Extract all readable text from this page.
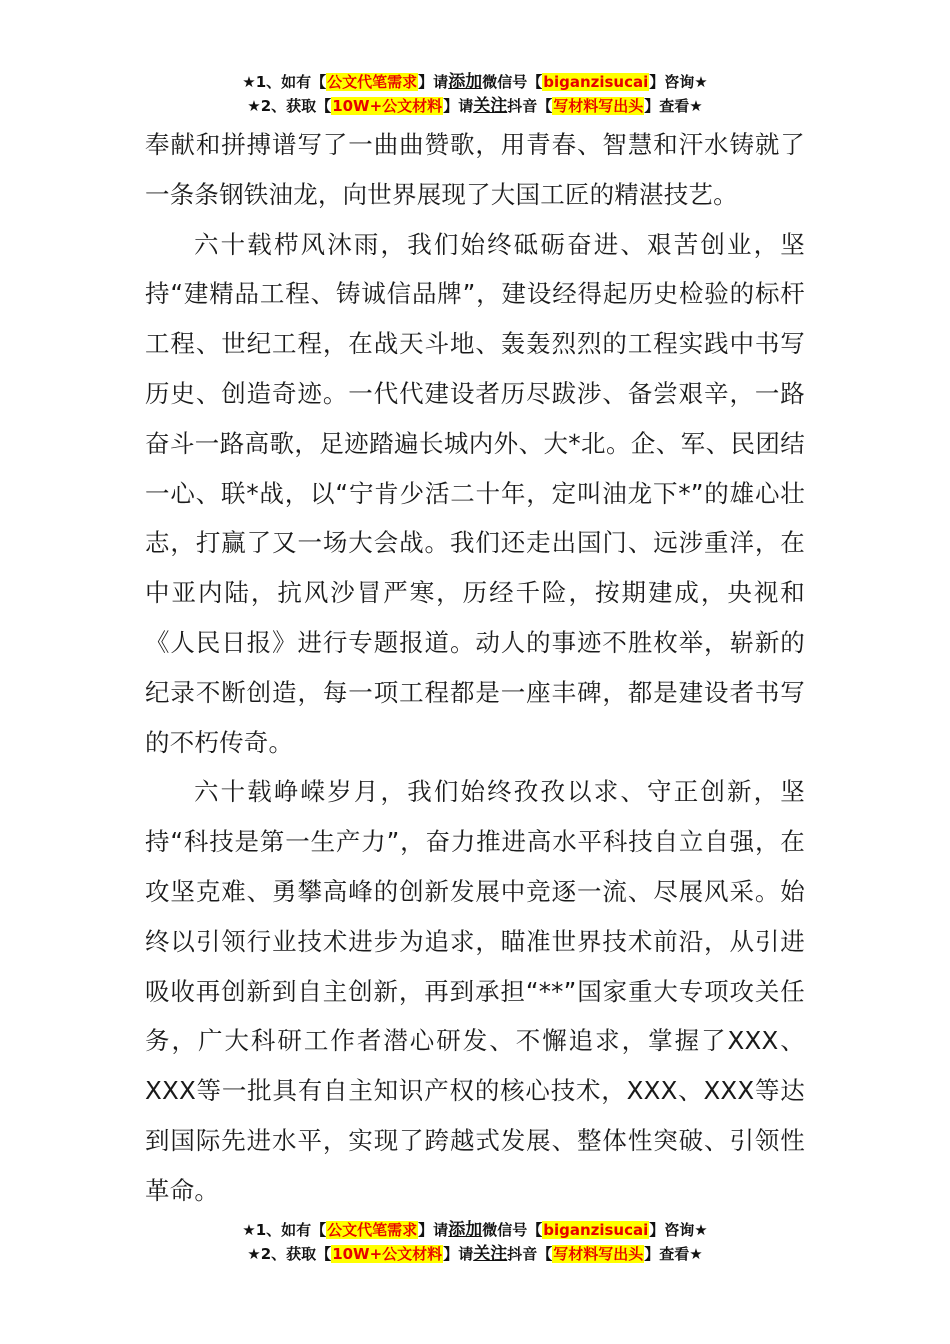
★1、如有【公文代笔需求】请添加微信号【biganzisucai】咨询★
★2、获取【10W+公文材料】请关注抖音【写材料写出头】查看★

奉献和拼搏谱写了一曲曲赞歌，用青春、智慧和汗水铸就了一条条钢铁油龙，向世界展现了大国工匠的精湛技艺。

六十载栉风沐雨，我们始终砥砺奋进、艰苦创业，坚持“建精品工程、铸诚信品牌”，建设经得起历史检验的标杆工程、世纪工程，在战天斗地、轰轰烈烈的工程实践中书写历史、创造奇迹。一代代建设者历尽跋涉、备尝艰辛，一路奋斗一路高歌，足迹踏遍长城内外、大*北。企、军、民团结一心、联*战，以“宁肯少活二十年，定叫油龙下*”的雄心壮志，打赢了又一场大会战。我们还走出国门、远涉重洋，在中亚内陆，抗风沙冒严寒，历经千险，按期建成，央视和《人民日报》进行专题报道。动人的事迹不胜枚举，崭新的纪录不断创造，每一项工程都是一座丰碑，都是建设者书写的不朽传奇。

六十载峥嵘岁月，我们始终孜孜以求、守正创新，坚持“科技是第一生产力”，奋力推进高水平科技自立自强，在攻坚克难、勇攀高峰的创新发展中竞逐一流、尽展风采。始终以引领行业技术进步为追求，瞄准世界技术前沿，从引进吸收再创新到自主创新，再到承担“**”国家重大专项攻关任务，广大科研工作者潜心研发、不懈追求，掌握了XXX、XXX等一批具有自主知识产权的核心技术，XXX、XXX等达到国际先进水平，实现了跨越式发展、整体性突破、引领性革命。

★1、如有【公文代笔需求】请添加微信号【biganzisucai】咨询★
★2、获取【10W+公文材料】请关注抖音【写材料写出头】查看★
